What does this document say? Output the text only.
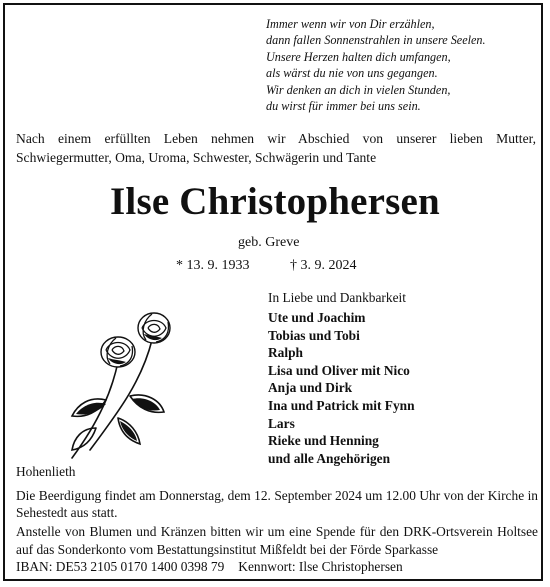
Immer wenn wir von Dir erzählen,
dann fallen Sonnenstrahlen in unsere Seelen.
Unsere Herzen halten dich umfangen,
als wärst du nie von uns gegangen.
Wir denken an dich in vielen Stunden,
du wirst für immer bei uns sein.
Nach einem erfüllten Leben nehmen wir Abschied von unserer lieben Mutter, Schwiegermutter, Oma, Uroma, Schwester, Schwägerin und Tante
Ilse Christophersen
geb. Greve
* 13. 9. 1933	† 3. 9. 2024
In Liebe und Dankbarkeit
Ute und Joachim
Tobias und Tobi
Ralph
Lisa und Oliver mit Nico
Anja und Dirk
Ina und Patrick mit Fynn
Lars
Rieke und Henning
und alle Angehörigen
Hohenlieth
Die Beerdigung findet am Donnerstag, dem 12. September 2024 um 12.00 Uhr von der Kirche in Sehestedt aus statt.
Anstelle von Blumen und Kränzen bitten wir um eine Spende für den DRK-Ortsverein Holtsee auf das Sonderkonto vom Bestattungsinstitut Mißfeldt bei der Förde Sparkasse
IBAN: DE53 2105 0170 1400 0398 79 Kennwort: Ilse Christophersen
